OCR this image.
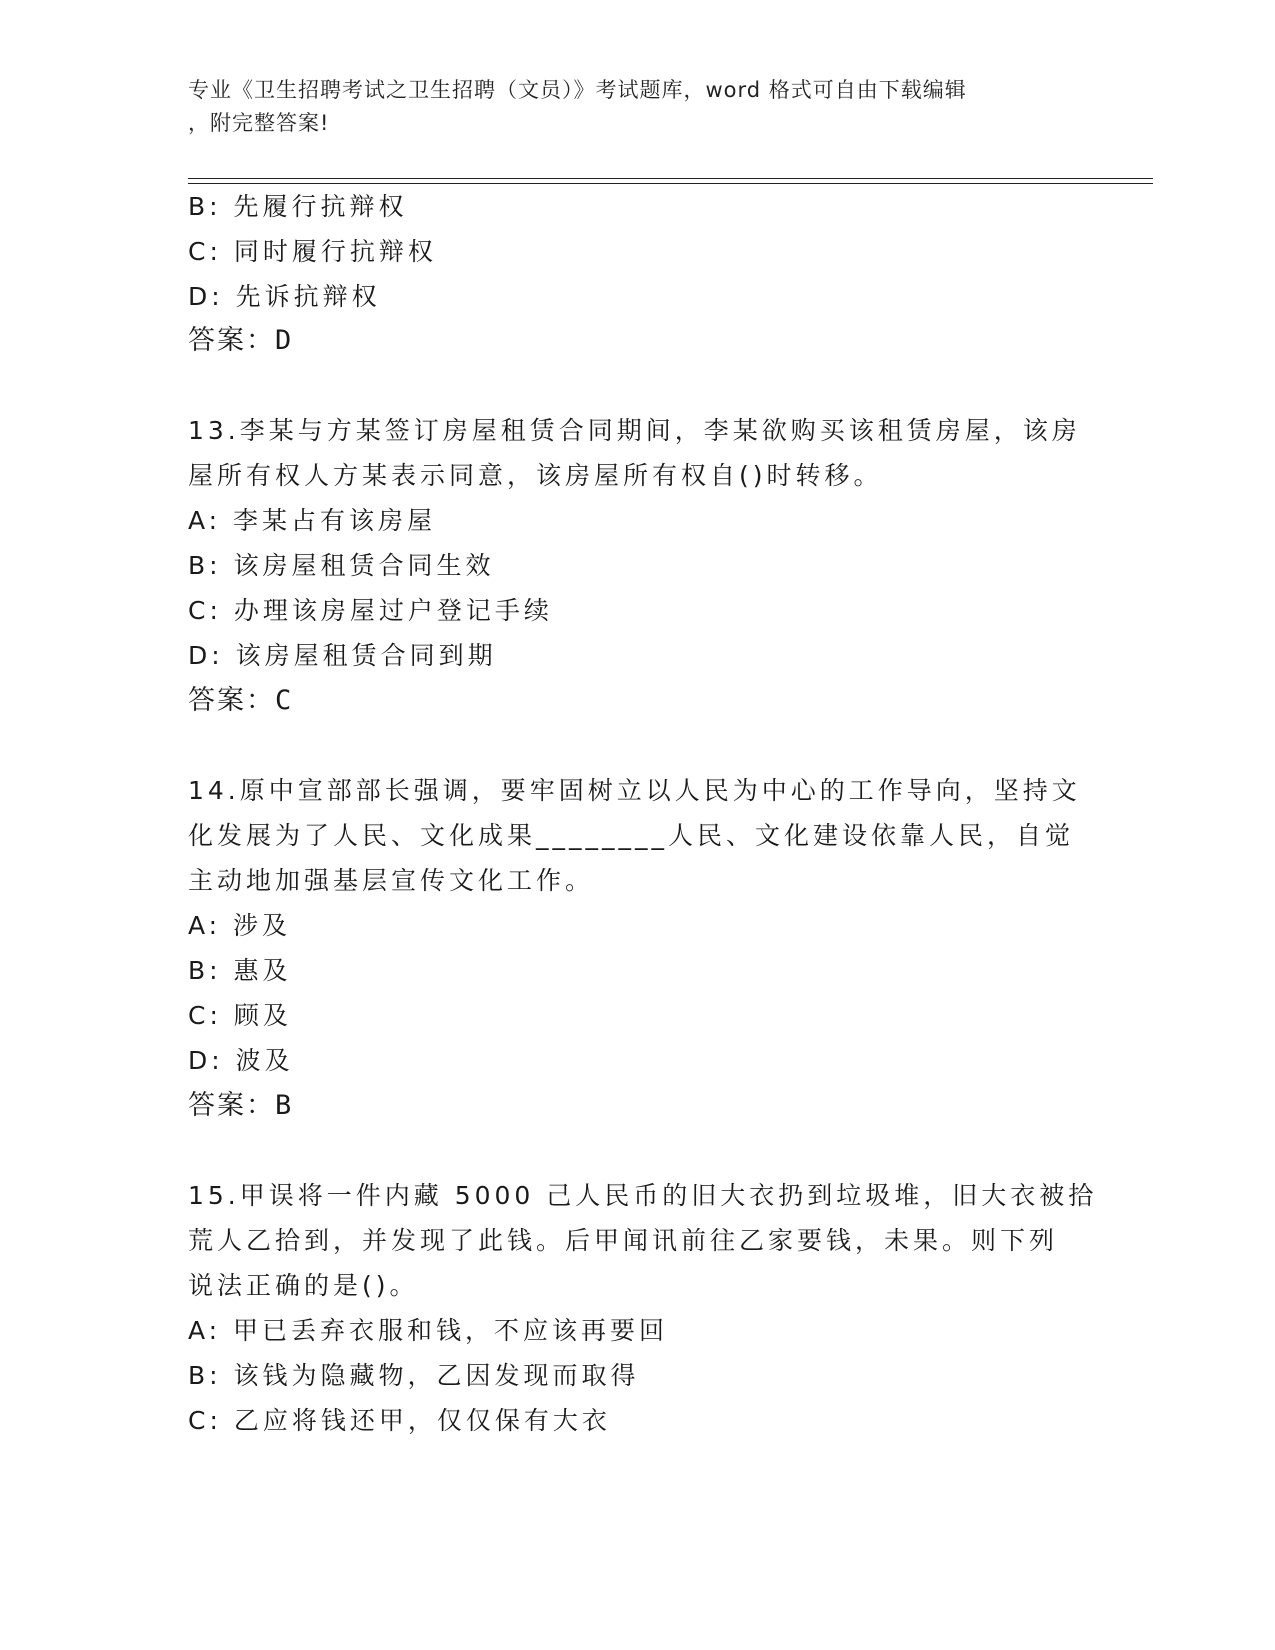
专业《卫生招聘考试之卫生招聘（文员）》考试题库，word 格式可自由下载编辑
，附完整答案!
B: 先履行抗辩权
C: 同时履行抗辩权
D: 先诉抗辩权
答案：D
13.李某与方某签订房屋租赁合同期间，李某欲购买该租赁房屋，该房
屋所有权人方某表示同意，该房屋所有权自()时转移。
A: 李某占有该房屋
B: 该房屋租赁合同生效
C: 办理该房屋过户登记手续
D: 该房屋租赁合同到期
答案：C
14.原中宣部部长强调，要牢固树立以人民为中心的工作导向，坚持文
化发展为了人民、文化成果________人民、文化建设依靠人民，自觉
主动地加强基层宣传文化工作。
A: 涉及
B: 惠及
C: 顾及
D: 波及
答案：B
15.甲误将一件内藏 5000 己人民币的旧大衣扔到垃圾堆，旧大衣被拾
荒人乙拾到，并发现了此钱。后甲闻讯前往乙家要钱，未果。则下列
说法正确的是()。
A: 甲已丢弃衣服和钱，不应该再要回
B: 该钱为隐藏物，乙因发现而取得
C: 乙应将钱还甲，仅仅保有大衣
